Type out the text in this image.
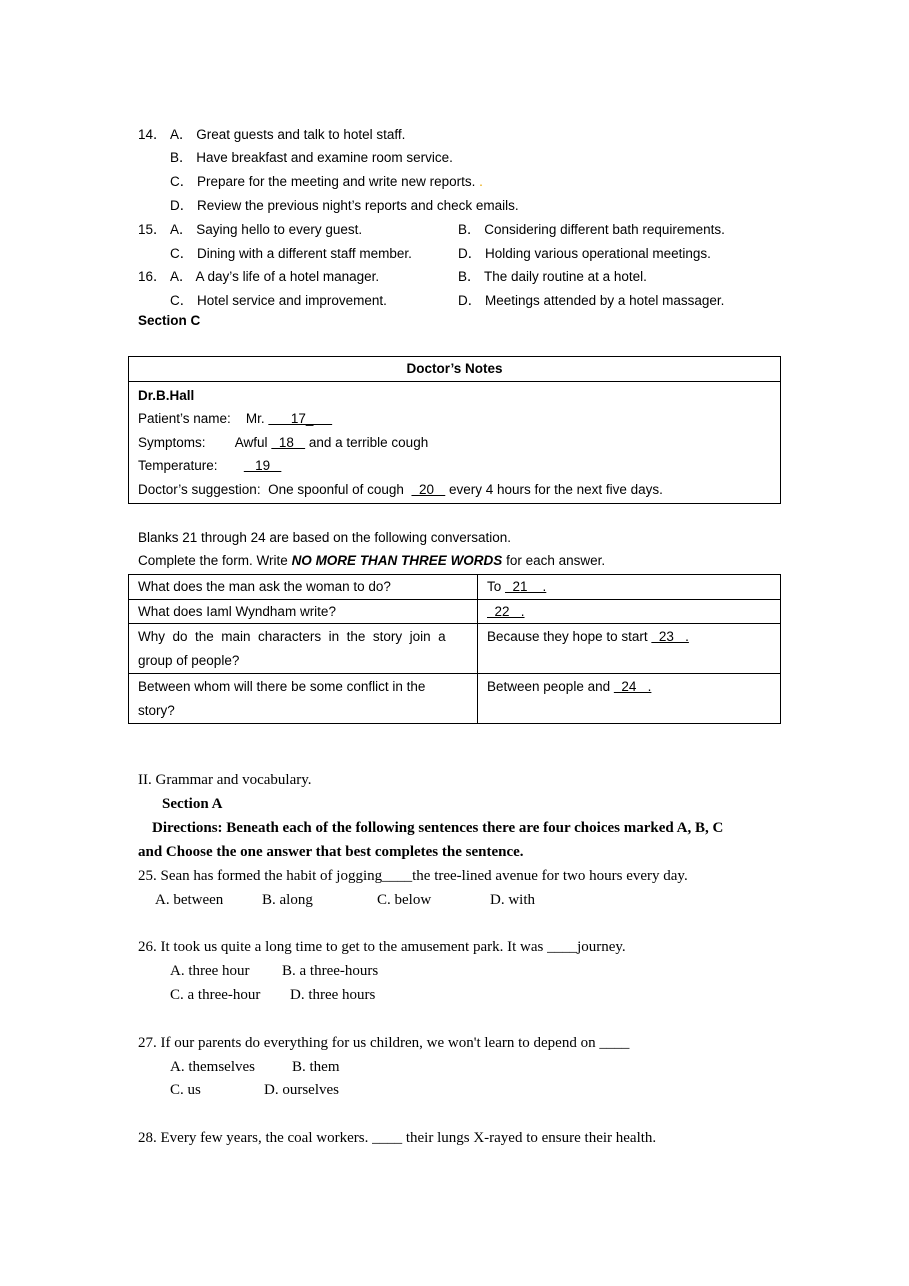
14． A． Great guests and talk to hotel staff.
B． Have breakfast and examine room service.
C． Prepare for the meeting and write new reports. .
D． Review the previous night’s reports and check emails.
15． A． Saying hello to every guest.	B． Considering different bath requirements.
C． Dining with a different staff member.	D． Holding various operational meetings.
16． A． A day’s life of a hotel manager.	B． The daily routine at a hotel.
C． Hotel service and improvement.	D． Meetings attended by a hotel massager.
Section C
Doctor’s Notes

Dr.B.Hall
Patient’s name: Mr.       17_
Symptoms: Awful   18    and a terrible cough
Temperature:          19
Doctor’s suggestion: One spoonful of cough    20    every 4 hours for the next five days.
Blanks 21 through 24 are based on the following conversation.
Complete the form. Write NO MORE THAN THREE WORDS for each answer.
What does the man ask the woman to do?	To   21    .
What does Iaml Wyndham write?	22   .

Why  do  the  main  characters  in  the  story  join  a
group of people?	Because they hope to start   23   .

Between whom will there be some conflict in the
story?	Between people and   24   .
II. Grammar and vocabulary.
Section A
Directions: Beneath each of the following sentences there are four choices marked A, B, C
and Choose the one answer that best completes the sentence.
25. Sean has formed the habit of jogging____the tree-lined avenue for two hours every day.
A. between	B. along	C. below	D. with
26. It took us quite a long time to get to the amusement park. It was ____journey.
A. three hour B. a three-hours
C. a three-hour D. three hours
27. If our parents do everything for us children, we won't learn to depend on ____
A. themselves B. them
C. us	D. ourselves
28. Every few years, the coal workers. ____ their lungs X-rayed to ensure their health.
